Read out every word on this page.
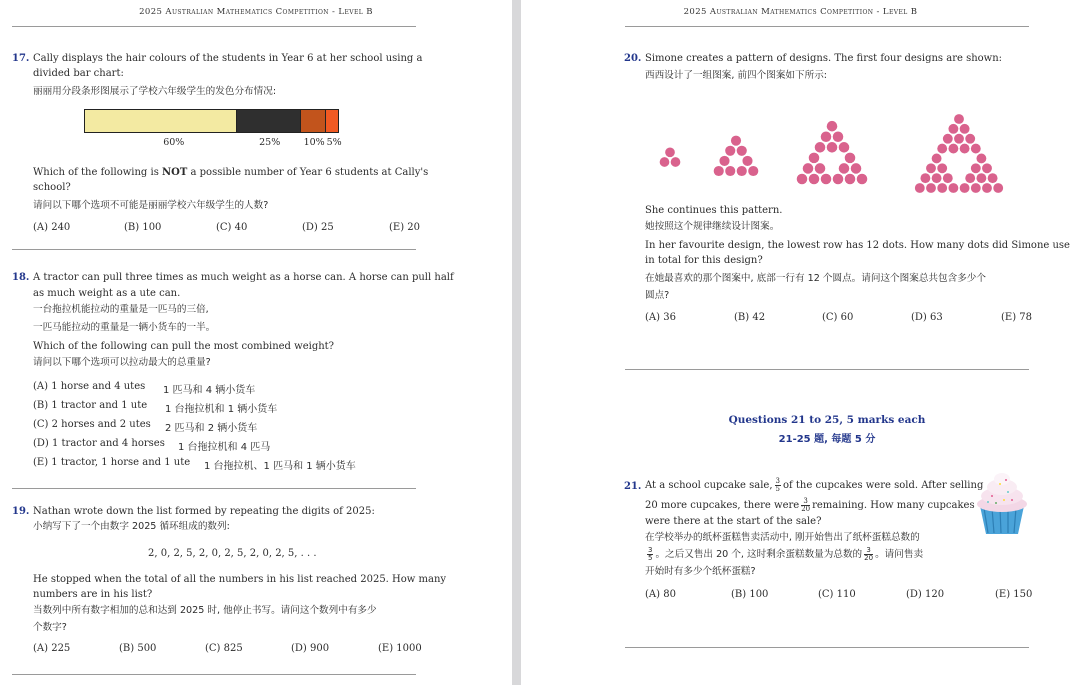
2025 Australian Mathematics Competition - Level B
17. Cally displays the hair colours of the students in Year 6 at her school using a
divided bar chart:
丽丽用分段条形图展示了学校六年级学生的发色分布情况:
60%	25% 10% 5%
Which of the following is NOT a possible number of Year 6 students at Cally's
school?
请问以下哪个选项不可能是丽丽学校六年级学生的人数?
(A) 240	(B) 100	(C) 40	(D) 25	(E) 20
18. A tractor can pull three times as much weight as a horse can. A horse can pull half
as much weight as a ute can.
一台拖拉机能拉动的重量是一匹马的三倍,
一匹马能拉动的重量是一辆小货车的一半。
Which of the following can pull the most combined weight?
请问以下哪个选项可以拉动最大的总重量?
(A) 1 horse and 4 utes 1 匹马和 4 辆小货车
(B) 1 tractor and 1 ute 1 台拖拉机和 1 辆小货车
(C) 2 horses and 2 utes 2 匹马和 2 辆小货车
(D) 1 tractor and 4 horses 1 台拖拉机和 4 匹马
(E) 1 tractor, 1 horse and 1 ute 1 台拖拉机、1 匹马和 1 辆小货车
19. Nathan wrote down the list formed by repeating the digits of 2025:
小纳写下了一个由数字 2025 循环组成的数列:
2, 0, 2, 5, 2, 0, 2, 5, 2, 0, 2, 5, . . .
He stopped when the total of all the numbers in his list reached 2025. How many
numbers are in his list?
当数列中所有数字相加的总和达到 2025 时, 他停止书写。请问这个数列中有多少
个数字?
(A) 225	(B) 500	(C) 825	(D) 900	(E) 1000
2025 Australian Mathematics Competition - Level B
20. Simone creates a pattern of designs. The first four designs are shown:
西西设计了一组图案, 前四个图案如下所示:
She continues this pattern.
她按照这个规律继续设计图案。
In her favourite design, the lowest row has 12 dots. How many dots did Simone use
in total for this design?
在她最喜欢的那个图案中, 底部一行有 12 个圆点。请问这个图案总共包含多少个
圆点?
(A) 36	(B) 42	(C) 60	(D) 63	(E) 78
Questions 21 to 25, 5 marks each
21-25 题, 每题 5 分
21. At a school cupcake sale, $\frac{3}{5}$ of the cupcakes were sold. After selling
20 more cupcakes, there were $\frac{3}{20}$ remaining. How many cupcakes
were there at the start of the sale?
在学校举办的纸杯蛋糕售卖活动中, 刚开始售出了纸杯蛋糕总数的
$\frac{3}{5}$ 。之后又售出 20 个, 这时剩余蛋糕数量为总数的 $\frac{3}{20}$ 。请问售卖
开始时有多少个纸杯蛋糕?
(A) 80	(B) 100	(C) 110	(D) 120	(E) 150
